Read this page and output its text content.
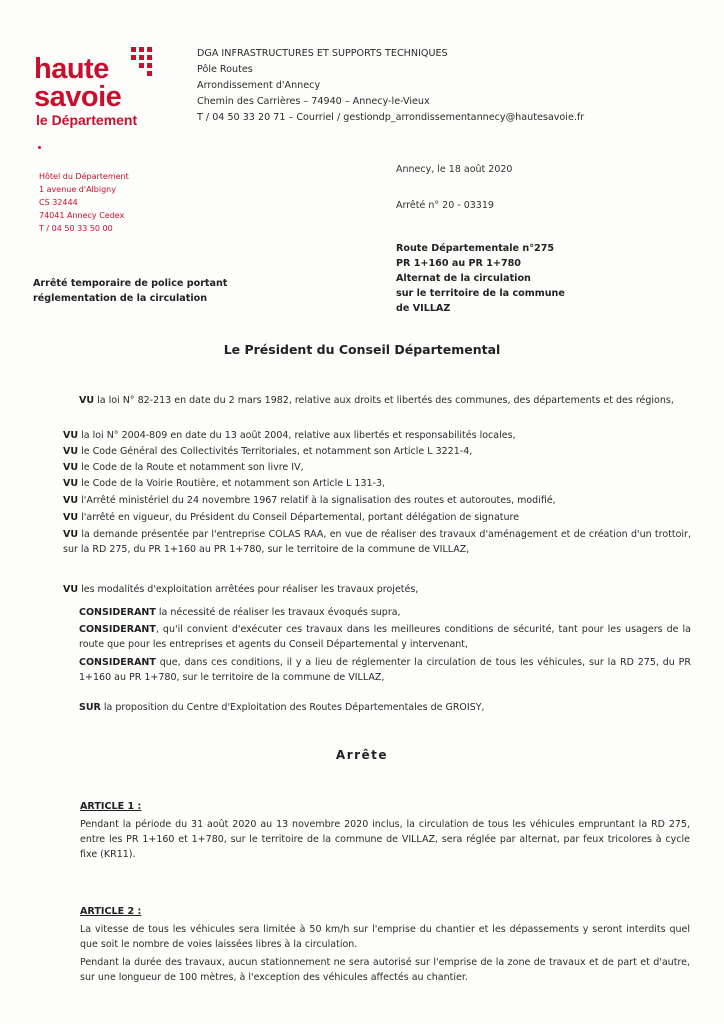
haute
savoie
le Département
DGA INFRASTRUCTURES ET SUPPORTS TECHNIQUES
Pôle Routes
Arrondissement d'Annecy
Chemin des Carrières – 74940 – Annecy-le-Vieux
T / 04 50 33 20 71 – Courriel / gestiondp_arrondissementannecy@hautesavoie.fr
Hôtel du Département
1 avenue d'Albigny
CS 32444
74041 Annecy Cedex
T / 04 50 33 50 00
Annecy, le 18 août 2020
Arrêté n° 20 - 03319
Route Départementale n°275
PR 1+160 au PR 1+780
Alternat de la circulation
sur le territoire de la commune
de VILLAZ
Arrêté temporaire de police portant
réglementation de la circulation
Le Président du Conseil Départemental
VU la loi N° 82-213 en date du 2 mars 1982, relative aux droits et libertés des communes, des départements et des régions,
VU la loi N° 2004-809 en date du 13 août 2004, relative aux libertés et responsabilités locales,
VU le Code Général des Collectivités Territoriales, et notamment son Article L 3221-4,
VU le Code de la Route et notamment son livre IV,
VU le Code de la Voirie Routière, et notamment son Article L 131-3,
VU l'Arrêté ministériel du 24 novembre 1967 relatif à la signalisation des routes et autoroutes, modifié,
VU l'arrêté en vigueur, du Président du Conseil Départemental, portant délégation de signature
VU la demande présentée par l'entreprise COLAS RAA, en vue de réaliser des travaux d'aménagement et de création d'un trottoir, sur la RD 275, du PR 1+160 au PR 1+780, sur le territoire de la commune de VILLAZ,
VU les modalités d'exploitation arrêtées pour réaliser les travaux projetés,
CONSIDERANT la nécessité de réaliser les travaux évoqués supra,
CONSIDERANT, qu'il convient d'exécuter ces travaux dans les meilleures conditions de sécurité, tant pour les usagers de la route que pour les entreprises et agents du Conseil Départemental y intervenant,
CONSIDERANT que, dans ces conditions, il y a lieu de réglementer la circulation de tous les véhicules, sur la RD 275, du PR 1+160 au PR 1+780, sur le territoire de la commune de VILLAZ,
SUR la proposition du Centre d'Exploitation des Routes Départementales de GROISY,
Arrête
ARTICLE 1 :
Pendant la période du 31 août 2020 au 13 novembre 2020 inclus, la circulation de tous les véhicules empruntant la RD 275, entre les PR 1+160 et 1+780, sur le territoire de la commune de VILLAZ, sera réglée par alternat, par feux tricolores à cycle fixe (KR11).
ARTICLE 2 :
La vitesse de tous les véhicules sera limitée à 50 km/h sur l'emprise du chantier et les dépassements y seront interdits quel que soit le nombre de voies laissées libres à la circulation.
Pendant la durée des travaux, aucun stationnement ne sera autorisé sur l'emprise de la zone de travaux et de part et d'autre, sur une longueur de 100 mètres, à l'exception des véhicules affectés au chantier.
